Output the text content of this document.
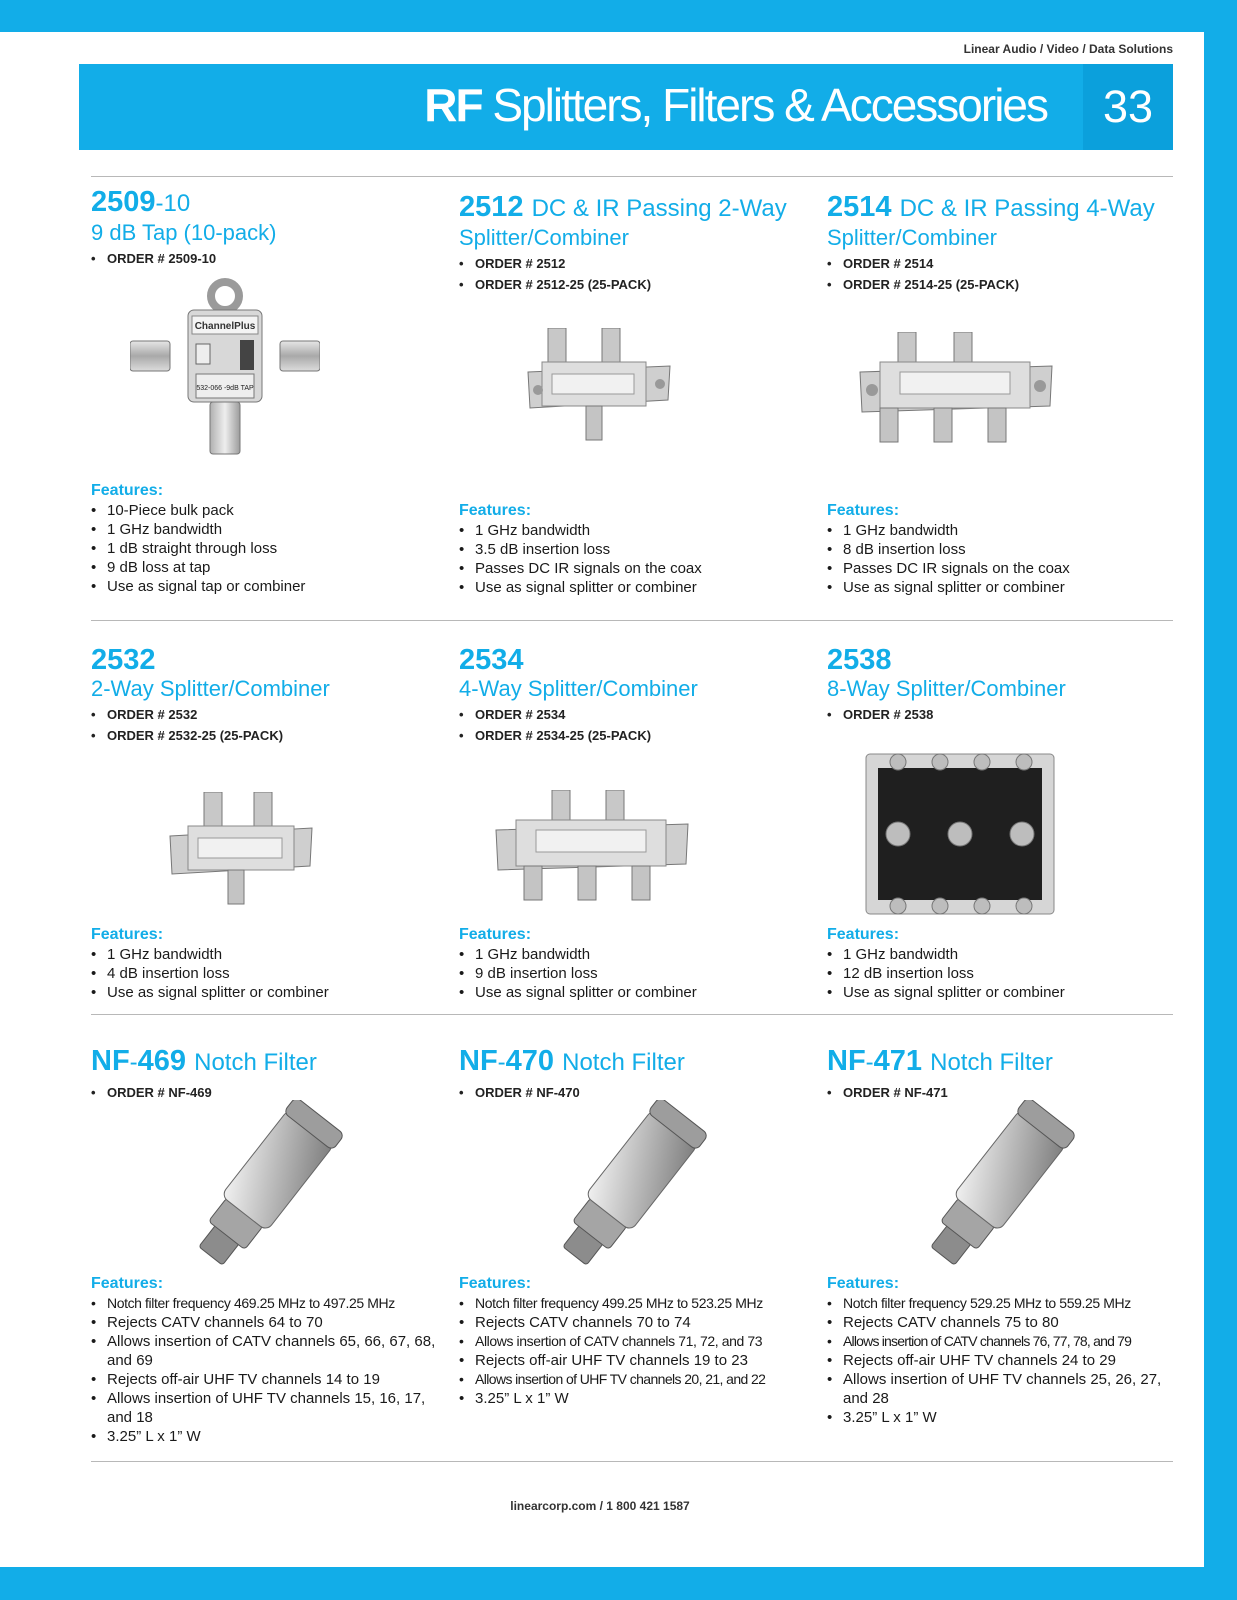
Linear Audio / Video / Data Solutions
RF Splitters, Filters & Accessories	33
2509-10
9 dB Tap (10-pack)
• ORDER # 2509-10
ChannelPlus
532-066 -9dB TAP
Features:
• 10-Piece bulk pack
• 1 GHz bandwidth
• 1 dB straight through loss
• 9 dB loss at tap
• Use as signal tap or combiner
2512 DC & IR Passing 2-Way
Splitter/Combiner
• ORDER # 2512
• ORDER # 2512-25 (25-PACK)
Features:
• 1 GHz bandwidth
• 3.5 dB insertion loss
• Passes DC IR signals on the coax
• Use as signal splitter or combiner
2514 DC & IR Passing 4-Way
Splitter/Combiner
• ORDER # 2514
• ORDER # 2514-25 (25-PACK)
Features:
• 1 GHz bandwidth
• 8 dB insertion loss
• Passes DC IR signals on the coax
• Use as signal splitter or combiner
2532
2-Way Splitter/Combiner
• ORDER # 2532
• ORDER # 2532-25 (25-PACK)
Features:
• 1 GHz bandwidth
• 4 dB insertion loss
• Use as signal splitter or combiner
2534
4-Way Splitter/Combiner
• ORDER # 2534
• ORDER # 2534-25 (25-PACK)
Features:
• 1 GHz bandwidth
• 9 dB insertion loss
• Use as signal splitter or combiner
2538
8-Way Splitter/Combiner
• ORDER # 2538
Features:
• 1 GHz bandwidth
• 12 dB insertion loss
• Use as signal splitter or combiner
NF-469 Notch Filter
• ORDER # NF-469
Features:
• Notch filter frequency 469.25 MHz to 497.25 MHz
• Rejects CATV channels 64 to 70
• Allows insertion of CATV channels 65, 66, 67, 68, and 69
• Rejects off-air UHF TV channels 14 to 19
• Allows insertion of UHF TV channels 15, 16, 17, and 18
• 3.25” L x 1” W
NF-470 Notch Filter
• ORDER # NF-470
Features:
• Notch filter frequency 499.25 MHz to 523.25 MHz
• Rejects CATV channels 70 to 74
• Allows insertion of CATV channels 71, 72, and 73
• Rejects off-air UHF TV channels 19 to 23
• Allows insertion of UHF TV channels 20, 21, and 22
• 3.25” L x 1” W
NF-471 Notch Filter
• ORDER # NF-471
Features:
• Notch filter frequency 529.25 MHz to 559.25 MHz
• Rejects CATV channels 75 to 80
• Allows insertion of CATV channels 76, 77, 78, and 79
• Rejects off-air UHF TV channels 24 to 29
• Allows insertion of UHF TV channels 25, 26, 27, and 28
• 3.25” L x 1” W
linearcorp.com / 1 800 421 1587
